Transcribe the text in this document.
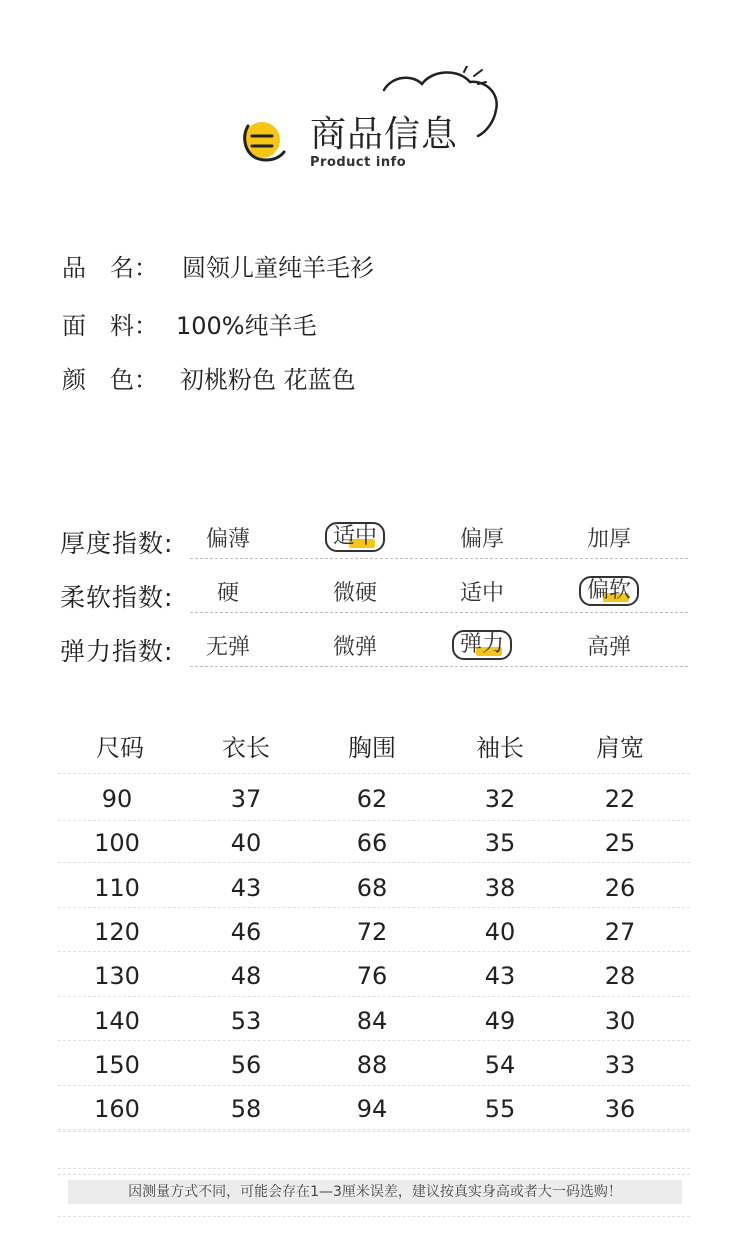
商品信息
Product info
品　名： 圆领儿童纯羊毛衫
面　料： 100%纯羊毛
颜　色： 初桃粉色 花蓝色
厚度指数:	偏薄	适中	偏厚	加厚
柔软指数:	硬	微硬	适中	偏软
弹力指数:	无弹	微弹	弹力	高弹
尺码	衣长	胸围	袖长	肩宽
90	37	62	32	22
100	40	66	35	25
110	43	68	38	26
120	46	72	40	27
130	48	76	43	28
140	53	84	49	30
150	56	88	54	33
160	58	94	55	36
因测量方式不同，可能会存在1—3厘米误差，建议按真实身高或者大一码选购！
